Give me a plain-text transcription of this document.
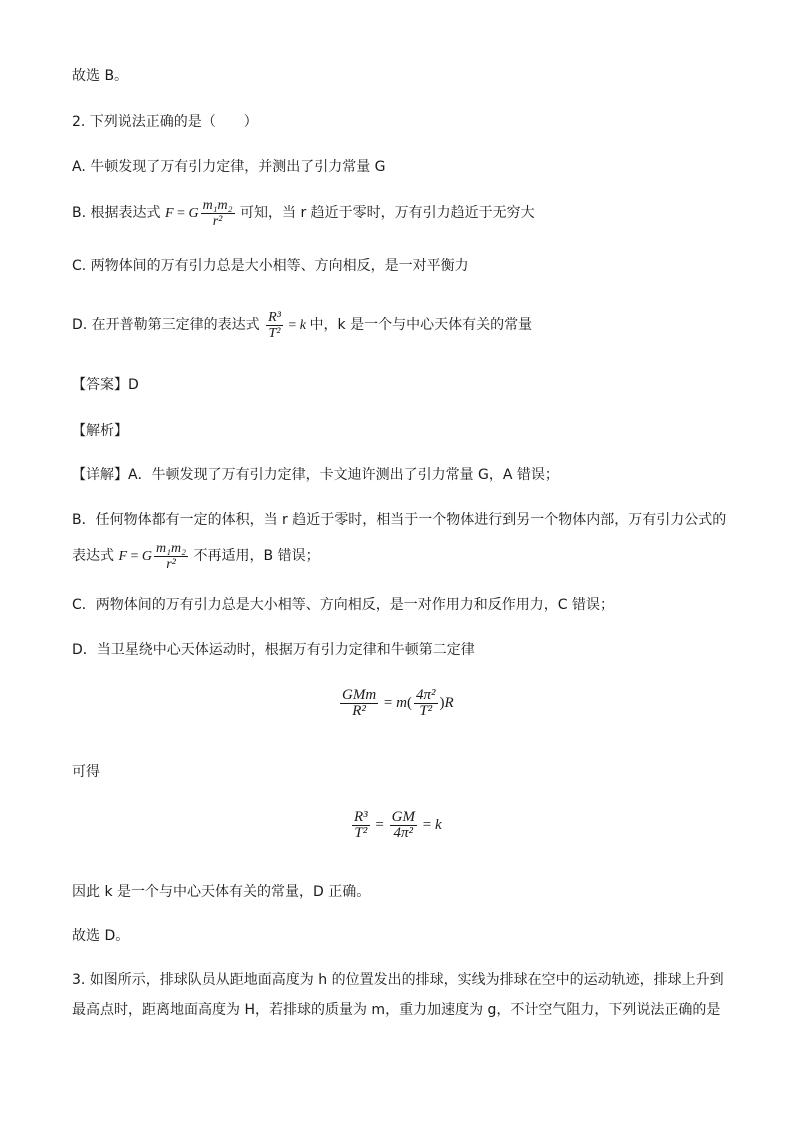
故选 B。
2. 下列说法正确的是（　　）
A. 牛顿发现了万有引力定律，并测出了引力常量 G
B. 根据表达式 F = G $\frac{\text{m₁m₂}}{\text{r²}}$ 可知，当 r 趋近于零时，万有引力趋近于无穷大
C. 两物体间的万有引力总是大小相等、方向相反，是一对平衡力
D. 在开普勒第三定律的表达式 $\frac{\text{R³}}{\text{T²}} = k$ 中，k 是一个与中心天体有关的常量
【答案】D
【解析】
【详解】A．牛顿发现了万有引力定律，卡文迪许测出了引力常量 G，A 错误；
B．任何物体都有一定的体积，当 r 趋近于零时，相当于一个物体进行到另一个物体内部，万有引力公式的
表达式 F = G $\frac{\text{m₁m₂}}{\text{r²}}$ 不再适用，B 错误；
C．两物体间的万有引力总是大小相等、方向相反，是一对作用力和反作用力，C 错误；
D．当卫星绕中心天体运动时，根据万有引力定律和牛顿第二定律
$\frac{\text{GMm}}{\text{R²}} = m( \frac{\text{4π²}}{\text{T²}} )R$
可得
$\frac{\text{R³}}{\text{T²}} = \frac{GM}{\text{4π²}} = k$
因此 k 是一个与中心天体有关的常量，D 正确。
故选 D。
3. 如图所示，排球队员从距地面高度为 h 的位置发出的排球，实线为排球在空中的运动轨迹，排球上升到
最高点时，距离地面高度为 H，若排球的质量为 m，重力加速度为 g，不计空气阻力，下列说法正确的是
